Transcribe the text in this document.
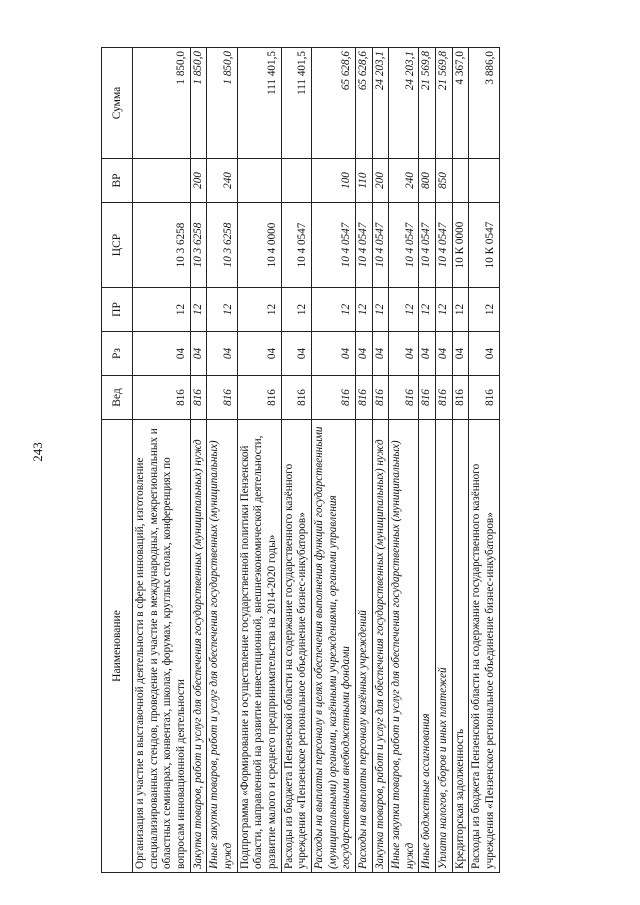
243
Наименование	Вед	Рз	ПР	ЦСР	ВР	Сумма
Организация и участие в выставочной деятельности в сфере инноваций, изготовление специализированных стендов, проведение и участие в международных, межрегиональных и областных семинарах, конвентах, школах, форумах, круглых столах, конференциях по вопросам инновационной деятельности	816	04	12	10 3 6258		1 850,0
Закупка товаров, работ и услуг для обеспечения государственных (муниципальных) нужд	816	04	12	10 3 6258	200	1 850,0
Иные закупки товаров, работ и услуг для обеспечения государственных (муниципальных) нужд	816	04	12	10 3 6258	240	1 850,0
Подпрограмма «Формирование и осуществление государственной политики Пензенской области, направленной на развитие инвестиционной, внешнеэкономической деятельности, развитие малого и среднего предпринимательства на 2014-2020 годы»	816	04	12	10 4 0000		111 401,5
Расходы из бюджета Пензенской области на содержание государственного казённого учреждения «Пензенское региональное объединение бизнес-инкубаторов»	816	04	12	10 4 0547		111 401,5
Расходы на выплаты персоналу в целях обеспечения выполнения функций государственными (муниципальными) органами, казёнными учреждениями, органами управления государственными внебюджетными фондами	816	04	12	10 4 0547	100	65 628,6
Расходы на выплаты персоналу казённых учреждений	816	04	12	10 4 0547	110	65 628,6
Закупка товаров, работ и услуг для обеспечения государственных (муниципальных) нужд	816	04	12	10 4 0547	200	24 203,1
Иные закупки товаров, работ и услуг для обеспечения государственных (муниципальных) нужд	816	04	12	10 4 0547	240	24 203,1
Иные бюджетные ассигнования	816	04	12	10 4 0547	800	21 569,8
Уплата налогов, сборов и иных платежей	816	04	12	10 4 0547	850	21 569,8
Кредиторская задолженность	816	04	12	10 К 0000		4 367,0
Расходы из бюджета Пензенской области на содержание государственного казённого учреждения «Пензенское региональное объединение бизнес-инкубаторов»	816	04	12	10 К 0547		3 886,0
